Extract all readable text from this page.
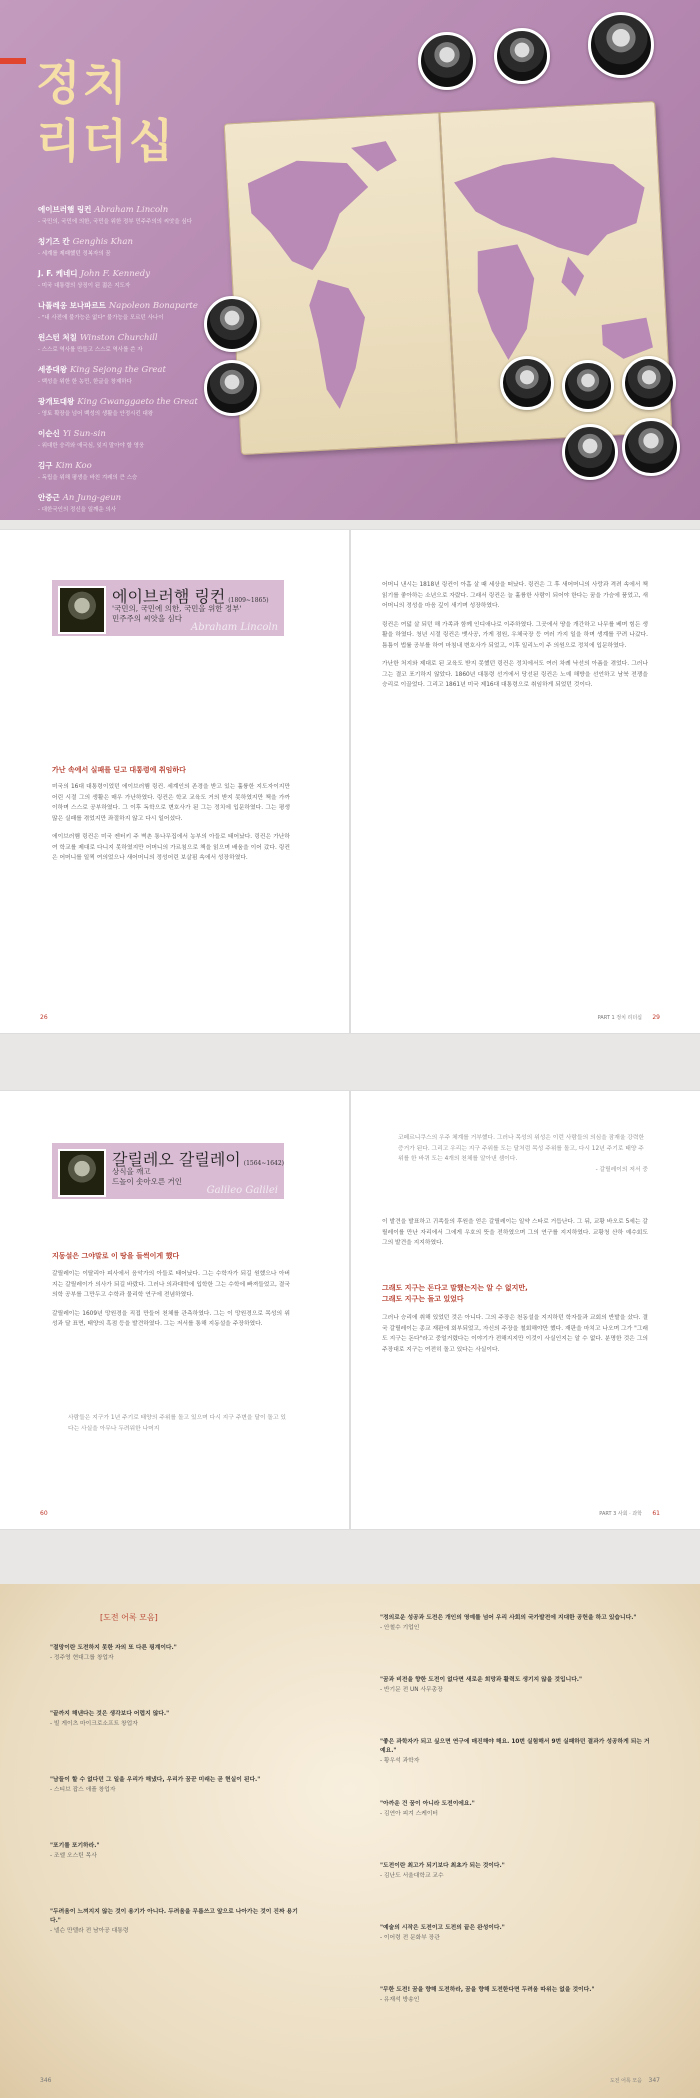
정치
리더십
에이브러햄 링컨 Abraham Lincoln
- 국민의, 국민에 의한, 국민을 위한 정부 민주주의의 씨앗을 심다
칭기즈 칸 Genghis Khan
- 세계를 제패했던 정복자의 꿈
J. F. 케네디 John F. Kennedy
- 미국 대통령의 상징이 된 젊은 지도자
나폴레옹 보나파르트 Napoleon Bonaparte
- "내 사전에 불가능은 없다" 불가능을 모르던 사나이
윈스턴 처칠 Winston Churchill
- 스스로 역사를 만들고 스스로 역사를 쓴 자
세종대왕 King Sejong the Great
- 백성을 위한 한 농민, 한글을 창제하다
광개토대왕 King Gwanggaeto the Great
- 영토 확장을 넘어 백성의 생활을 안정시킨 대왕
이순신 Yi Sun-sin
- 위대한 승리와 애국심, 잊지 말아야 할 영웅
김구 Kim Koo
- 독립을 위해 평생을 바친 겨레의 큰 스승
안중근 An Jung-geun
- 대한국인의 정신을 일깨운 의사
에이브러햄 링컨 (1809~1865)
'국민의, 국민에 의한, 국민을 위한 정부'
민주주의 씨앗을 심다
Abraham Lincoln
가난 속에서 실패를 딛고 대통령에 취임하다

미국의 16대 대통령이었던 에이브러햄 링컨. 세계인의 존경을 받고 있는 훌륭한 지도자이지만 어린 시절 그의 생활은 매우 가난하였다. 링컨은 학교 교육도 거의 받지 못하였지만 책을 가까이하며 스스로 공부하였다. 그 이후 독학으로 변호사가 된 그는 정치에 입문하였다. 그는 평생 많은 실패를 겪었지만 좌절하지 않고 다시 일어섰다.

에이브러햄 링컨은 미국 켄터키 주 벽촌 통나무집에서 농부의 아들로 태어났다. 링컨은 가난하여 학교를 제대로 다니지 못하였지만 어머니의 가르침으로 책을 읽으며 배움을 이어 갔다. 링컨은 어머니를 일찍 여의었으나 새어머니의 정성어린 보살핌 속에서 성장하였다.

어머니 낸시는 1818년 링컨이 아홉 살 때 세상을 떠났다. 링컨은 그 후 새어머니의 사랑과 격려 속에서 책 읽기를 좋아하는 소년으로 자랐다. 그래서 링컨은 늘 훌륭한 사람이 되어야 한다는 꿈을 가슴에 품었고, 새어머니의 정성을 마음 깊이 새기며 성장하였다.

링컨은 여덟 살 되던 해 가족과 함께 인디애나로 이주하였다. 그곳에서 땅을 개간하고 나무를 베며 힘든 생활을 하였다. 청년 시절 링컨은 뱃사공, 가게 점원, 우체국장 등 여러 가지 일을 하며 생계를 꾸려 나갔다. 틈틈이 법률 공부를 하여 마침내 변호사가 되었고, 이후 일리노이 주 의원으로 정치에 입문하였다.

가난한 처지와 제대로 된 교육도 받지 못했던 링컨은 정치에서도 여러 차례 낙선의 아픔을 겪었다. 그러나 그는 결코 포기하지 않았다. 1860년 대통령 선거에서 당선된 링컨은 노예 해방을 선언하고 남북 전쟁을 승리로 이끌었다. 그리고 1861년 미국 제16대 대통령으로 취임하게 되었던 것이다.

26	PART 1 정치 리더십 29
갈릴레오 갈릴레이 (1564~1642)
상식을 깨고
드높이 솟아오른 거인
Galileo Galilei
지동설은 그야말로 이 땅을 들썩이게 했다

갈릴레이는 이탈리아 피사에서 음악가의 아들로 태어났다. 그는 수학자가 되길 원했으나 아버지는 갈릴레이가 의사가 되길 바랐다. 그러나 의과대학에 입학한 그는 수학에 빠져들었고, 결국 의학 공부를 그만두고 수학과 물리학 연구에 전념하였다.

갈릴레이는 1609년 망원경을 직접 만들어 천체를 관측하였다. 그는 이 망원경으로 목성의 위성과 달 표면, 태양의 흑점 등을 발견하였다. 그는 저서를 통해 지동설을 주장하였다.

사람들은 지구가 1년 주기로 태양의 주위를 돌고 있으며 다시 지구 주변을 달이 돌고 있다는 사실을 아무나 두려워한 나머지
코페르니쿠스의 우주 체계를 거부했다. 그러나 목성의 위성은 이런 사람들의 의심을 잠재울 강력한 증거가 된다. 그리고 우리는 지구 주위를 도는 달처럼 목성 주위를 돌고, 다시 12년 주기로 태양 주위를 한 바퀴 도는 4개의 천체를 알아낸 셈이다.
- 갈릴레이의 저서 중
이 발견을 발표하고 귀족들의 후원을 얻은 갈릴레이는 일약 스타로 거듭난다. 그 뒤, 교황 바오로 5세는 갈릴레이를 만난 자리에서 그에게 우호의 뜻을 전하였으며 그의 연구를 지지하였다. 교황청 산하 예수회도 그의 발견을 지지하였다.
그래도 지구는 돈다고 말했는지는 알 수 없지만,
그래도 지구는 돌고 있었다
그러나 승리에 취해 있었던 것은 아니다. 그의 주장은 천동설을 지지하던 학자들과 교회의 반발을 샀다. 결국 갈릴레이는 종교 재판에 회부되었고, 자신의 주장을 철회해야만 했다. 재판을 마치고 나오며 그가 "그래도 지구는 돈다"라고 중얼거렸다는 이야기가 전해지지만 이것이 사실인지는 알 수 없다. 분명한 것은 그의 주장대로 지구는 여전히 돌고 있다는 사실이다.
60	PART 3 사회 · 과학 61
[도전 어록 모음]
"절망이란 도전하지 못한 자의 또 다른 핑계이다."
- 정주영 현대그룹 창업자
"끝까지 해낸다는 것은 생각보다 어렵지 않다."
- 빌 게이츠 마이크로소프트 창업자
"남들이 할 수 없다던 그 일을 우리가 해냈다, 우리가 꿈꾼 미래는 곧 현실이 된다."
- 스티브 잡스 애플 창업자
"포기를 포기하라."
- 조엘 오스틴 목사
"두려움이 느껴지지 않는 것이 용기가 아니다. 두려움을 무릅쓰고 앞으로 나아가는 것이 진짜 용기다."
- 넬슨 만델라 전 남아공 대통령
"정의로운 성공과 도전은 개인의 영예를 넘어 우리 사회의 국가발전에 지대한 공헌을 하고 있습니다."
- 안철수 기업인
"꿈과 비전을 향한 도전이 없다면 새로운 희망과 활력도 생기지 않을 것입니다."
- 반기문 전 UN 사무총장
"좋은 과학자가 되고 싶으면 연구에 매진해야 해요. 10번 실험해서 9번 실패하던 결과가 성공하게 되는 거예요."
- 황우석 과학자
"아까운 건 꿈이 아니라 도전이에요."
- 김연아 피겨 스케이터
"도전이란 최고가 되기보다 최초가 되는 것이다."
- 김난도 서울대학교 교수
"예술의 시작은 도전이고 도전의 끝은 완성이다."
- 이어령 전 문화부 장관
"무한 도전! 꿈을 향해 도전하라, 꿈을 향해 도전한다면 두려움 따위는 없을 것이다."
- 유재석 방송인
346	도전 어록 모음 347
